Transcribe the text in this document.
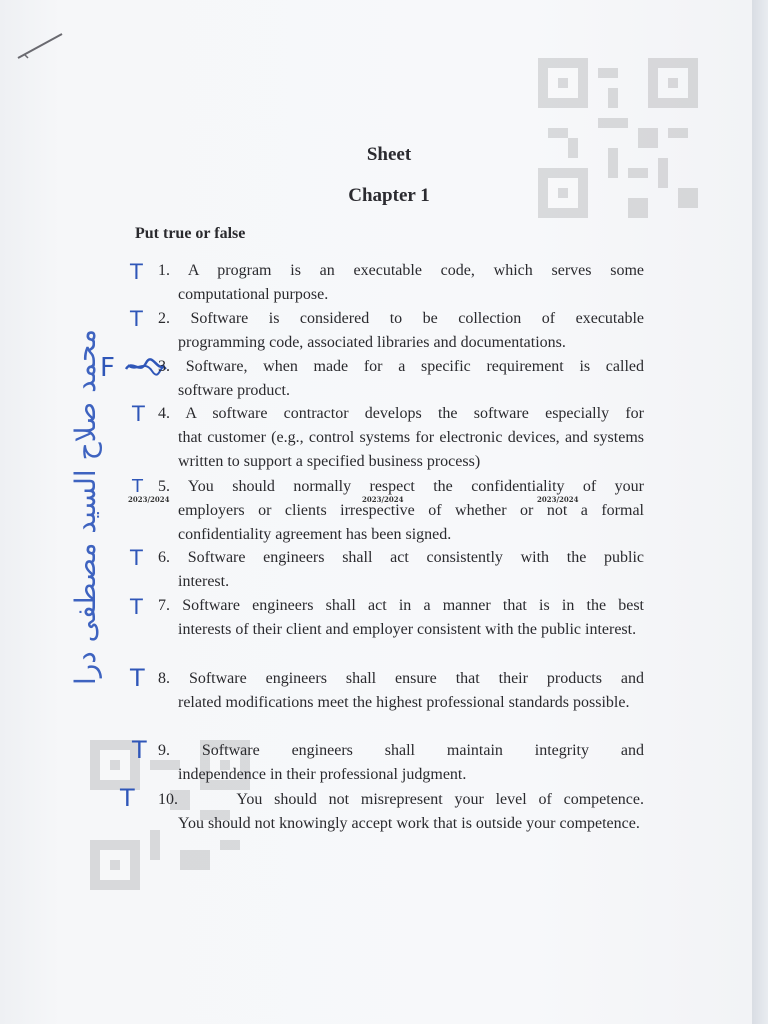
محمد صلاح السيد مصطفى درا
Sheet
Chapter 1
Put true or false
T 1. A program is an executable code, which serves some
computational purpose.
T 2. Software is considered to be collection of executable
programming code, associated libraries and documentations.
F	3. Software, when made for a specific requirement is called
software product.
T 4. A software contractor develops the software especially for
that customer (e.g., control systems for electronic devices, and systems written to support a specified business process)
T
2023/2024	2023/2024	2023/2024
5. You should normally respect the confidentiality of your
employers or clients irrespective of whether or not a formal confidentiality agreement has been signed.
T 6. Software engineers shall act consistently with the public
interest.
T 7. Software engineers shall act in a manner that is in the best
interests of their client and employer consistent with the public interest.
T 8. Software engineers shall ensure that their products and
related modifications meet the highest professional standards possible.
T 9. Software engineers shall maintain integrity and
independence in their professional judgment.
T 10.	You should not misrepresent your level of competence.
You should not knowingly accept work that is outside your competence.
